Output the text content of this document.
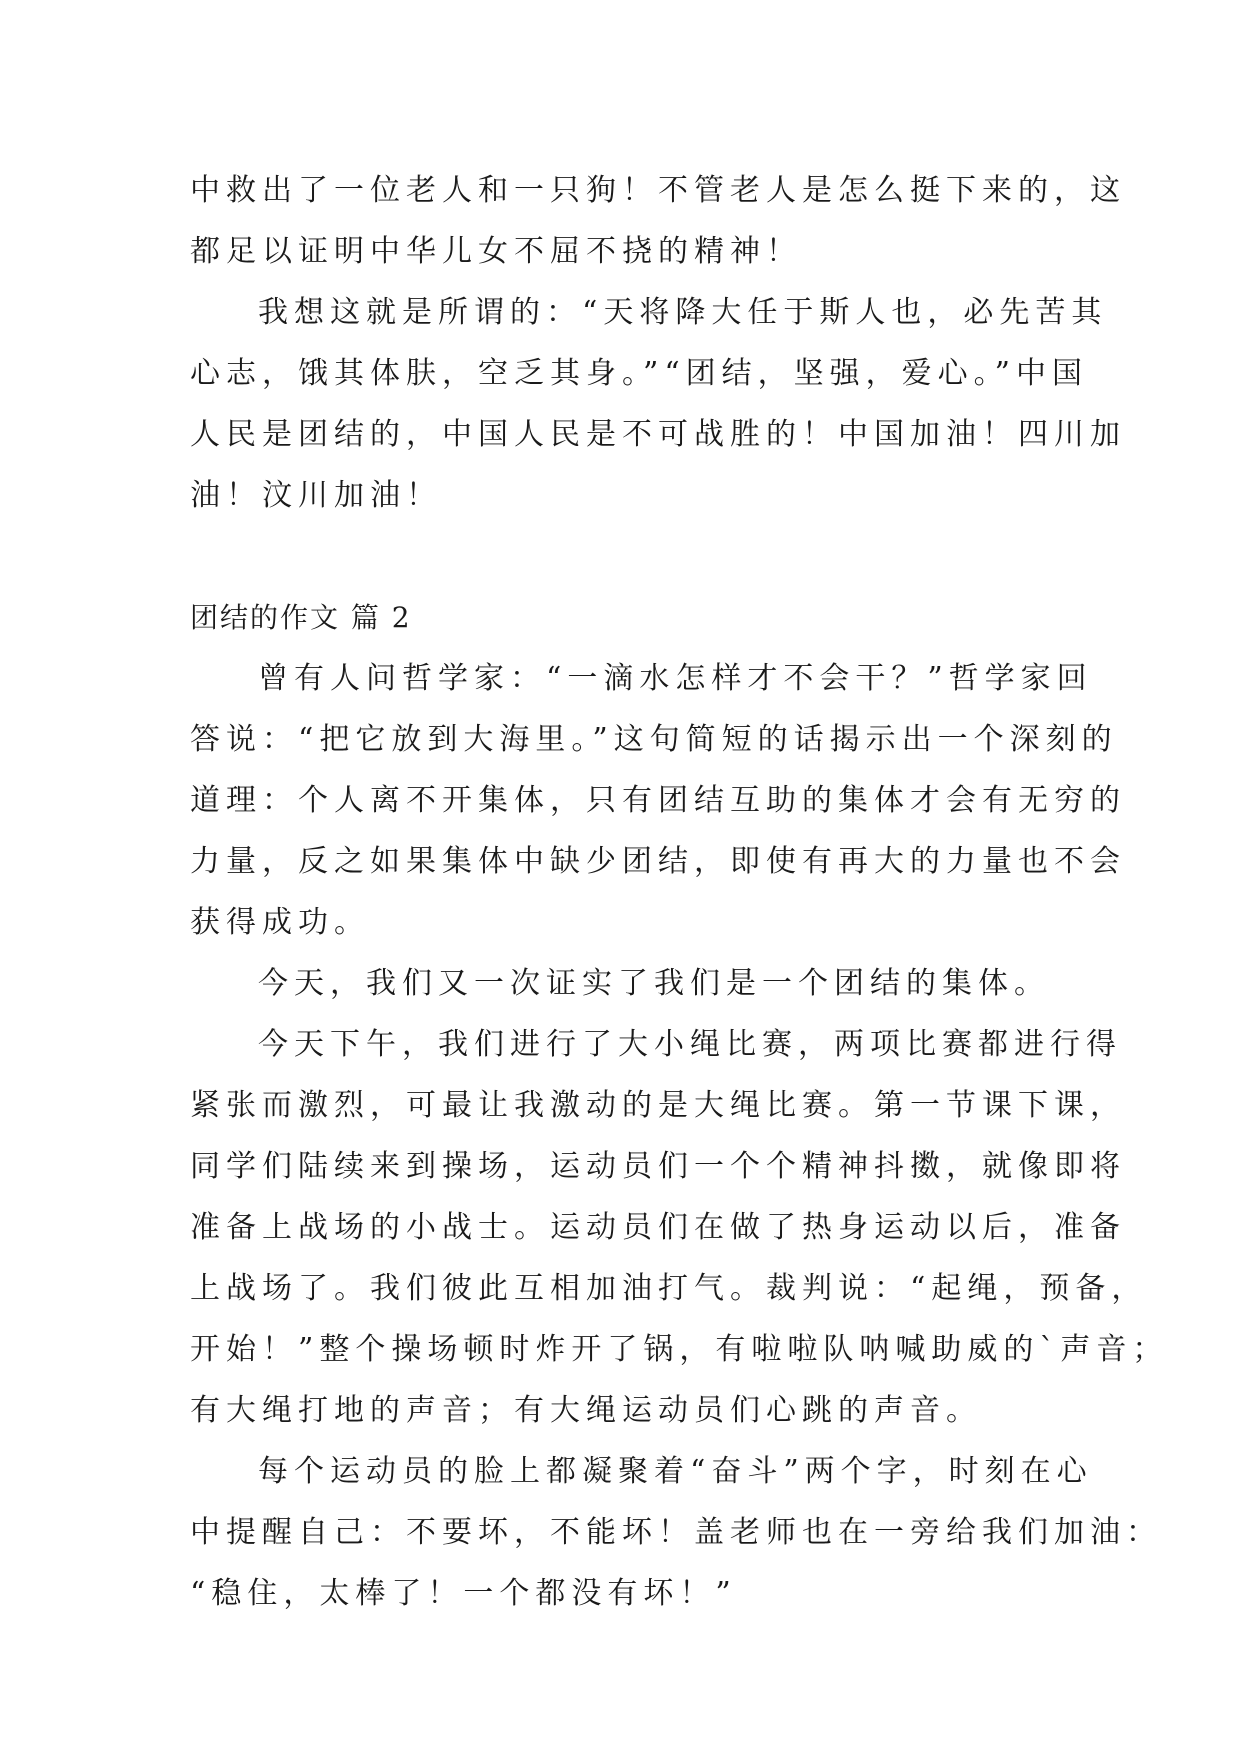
中救出了一位老人和一只狗！不管老人是怎么挺下来的，这
都足以证明中华儿女不屈不挠的精神！
我想这就是所谓的：“天将降大任于斯人也，必先苦其
心志，饿其体肤，空乏其身。”“团结，坚强，爱心。”中国
人民是团结的，中国人民是不可战胜的！中国加油！四川加
油！汶川加油！
团结的作文 篇 2
曾有人问哲学家：“一滴水怎样才不会干？”哲学家回
答说：“把它放到大海里。”这句简短的话揭示出一个深刻的
道理：个人离不开集体，只有团结互助的集体才会有无穷的
力量，反之如果集体中缺少团结，即使有再大的力量也不会
获得成功。
今天，我们又一次证实了我们是一个团结的集体。
今天下午，我们进行了大小绳比赛，两项比赛都进行得
紧张而激烈，可最让我激动的是大绳比赛。第一节课下课，
同学们陆续来到操场，运动员们一个个精神抖擞，就像即将
准备上战场的小战士。运动员们在做了热身运动以后，准备
上战场了。我们彼此互相加油打气。裁判说：“起绳，预备，
开始！”整个操场顿时炸开了锅，有啦啦队呐喊助威的`声音；
有大绳打地的声音；有大绳运动员们心跳的声音。
每个运动员的脸上都凝聚着“奋斗”两个字，时刻在心
中提醒自己：不要坏，不能坏！盖老师也在一旁给我们加油：
“稳住，太棒了！一个都没有坏！”
